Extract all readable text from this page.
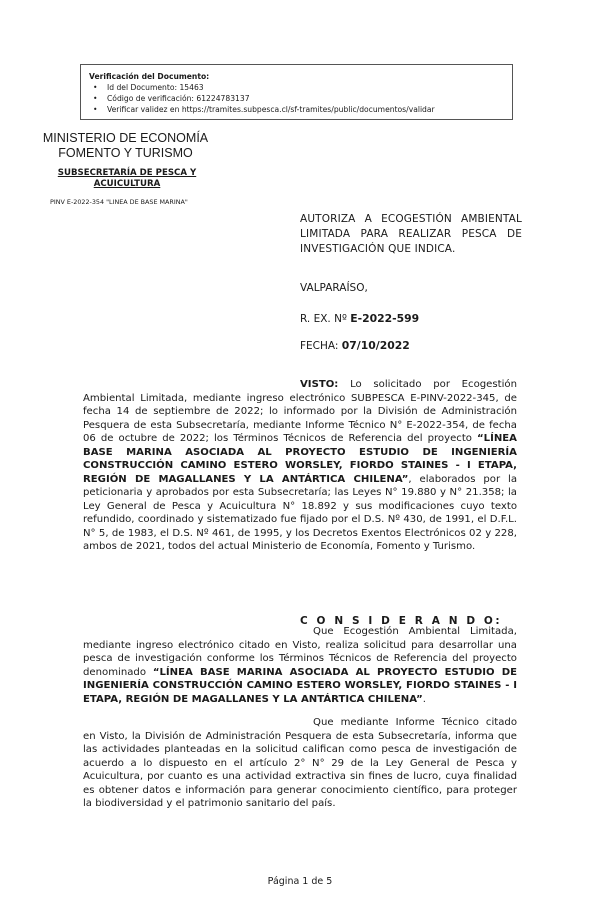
Verificación del Documento:
• Id del Documento: 15463
• Código de verificación: 61224783137
• Verificar validez en https://tramites.subpesca.cl/sf-tramites/public/documentos/validar
MINISTERIO DE ECONOMÍA
FOMENTO Y TURISMO
SUBSECRETARÍA DE PESCA Y
ACUICULTURA
PINV E-2022-354 "LINEA DE BASE MARINA"
AUTORIZA A ECOGESTIÓN AMBIENTAL LIMITADA PARA REALIZAR PESCA DE INVESTIGACIÓN QUE INDICA.
VALPARAÍSO,
R. EX. Nº E-2022-599
FECHA: 07/10/2022
VISTO: Lo solicitado por Ecogestión Ambiental Limitada, mediante ingreso electrónico SUBPESCA E-PINV-2022-345, de fecha 14 de septiembre de 2022; lo informado por la División de Administración Pesquera de esta Subsecretaría, mediante Informe Técnico N° E-2022-354, de fecha 06 de octubre de 2022; los Términos Técnicos de Referencia del proyecto “LÍNEA BASE MARINA ASOCIADA AL PROYECTO ESTUDIO DE INGENIERÍA CONSTRUCCIÓN CAMINO ESTERO WORSLEY, FIORDO STAINES - I ETAPA, REGIÓN DE MAGALLANES Y LA ANTÁRTICA CHILENA”, elaborados por la peticionaria y aprobados por esta Subsecretaría; las Leyes N° 19.880 y N° 21.358; la Ley General de Pesca y Acuicultura N° 18.892 y sus modificaciones cuyo texto refundido, coordinado y sistematizado fue fijado por el D.S. Nº 430, de 1991, el D.F.L. N° 5, de 1983, el D.S. Nº 461, de 1995, y los Decretos Exentos Electrónicos 02 y 228, ambos de 2021, todos del actual Ministerio de Economía, Fomento y Turismo.
C O N S I D E R A N D O:
Que Ecogestión Ambiental Limitada, mediante ingreso electrónico citado en Visto, realiza solicitud para desarrollar una pesca de investigación conforme los Términos Técnicos de Referencia del proyecto denominado “LÍNEA BASE MARINA ASOCIADA AL PROYECTO ESTUDIO DE INGENIERÍA CONSTRUCCIÓN CAMINO ESTERO WORSLEY, FIORDO STAINES - I ETAPA, REGIÓN DE MAGALLANES Y LA ANTÁRTICA CHILENA”.
Que mediante Informe Técnico citado en Visto, la División de Administración Pesquera de esta Subsecretaría, informa que las actividades planteadas en la solicitud califican como pesca de investigación de acuerdo a lo dispuesto en el artículo 2° N° 29 de la Ley General de Pesca y Acuicultura, por cuanto es una actividad extractiva sin fines de lucro, cuya finalidad es obtener datos e información para generar conocimiento científico, para proteger la biodiversidad y el patrimonio sanitario del país.
Página 1 de 5
